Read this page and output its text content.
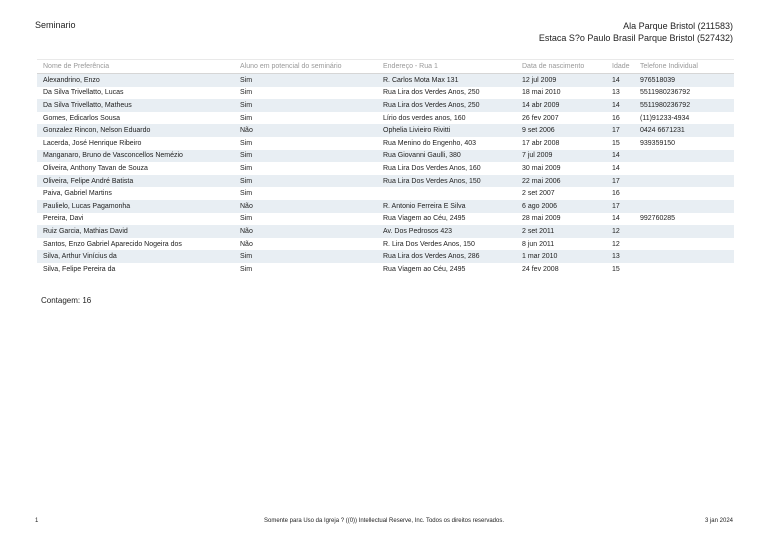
Seminario	Ala Parque Bristol (211583)
Estaca S?o Paulo Brasil Parque Bristol (527432)
Nome de Preferência	Aluno em potencial do seminário	Endereço - Rua 1	Data de nascimento	Idade	Telefone Individual
Alexandrino, Enzo	Sim	R. Carlos Mota Max 131	12 jul 2009	14	976518039
Da Silva Trivellatto, Lucas	Sim	Rua Lira dos Verdes Anos, 250	18 mai 2010	13	5511980236792
Da Silva Trivellatto, Matheus	Sim	Rua Lira dos Verdes Anos, 250	14 abr 2009	14	5511980236792
Gomes, Edicarlos Sousa	Sim	Lírio dos verdes anos, 160	26 fev 2007	16	(11)91233-4934
Gonzalez Rincon, Nelson Eduardo	Não	Ophelia Livieiro Rivitti	9 set 2006	17	0424 6671231
Lacerda, José Henrique Ribeiro	Sim	Rua Menino do Engenho, 403	17 abr 2008	15	939359150
Manganaro, Bruno de Vasconcellos Nemézio	Sim	Rua Giovanni Gaulli, 380	7 jul 2009	14	
Oliveira, Anthony Tavan de Souza	Sim	Rua Lira Dos Verdes Anos, 160	30 mai 2009	14	
Oliveira, Felipe André Batista	Sim	Rua Lira Dos Verdes Anos, 150	22 mai 2006	17	
Paiva, Gabriel Martins	Sim		2 set 2007	16	
Paulielo, Lucas Pagamonha	Não	R. Antonio Ferreira E Silva	6 ago 2006	17	
Pereira, Davi	Sim	Rua Viagem ao Céu, 2495	28 mai 2009	14	992760285
Ruiz Garcia, Mathias David	Não	Av. Dos Pedrosos 423	2 set 2011	12	
Santos, Enzo Gabriel Aparecido Nogeira dos	Não	R. Lira Dos Verdes Anos, 150	8 jun 2011	12	
Silva, Arthur Vinícius da	Sim	Rua Lira dos Verdes Anos, 286	1 mar 2010	13	
Silva, Felipe Pereira da	Sim	Rua Viagem ao Céu, 2495	24 fev 2008	15	
Contagem: 16
1	Somente para Uso da Igreja ? ((0)) Intellectual Reserve, Inc. Todos os direitos reservados.	3 jan 2024
